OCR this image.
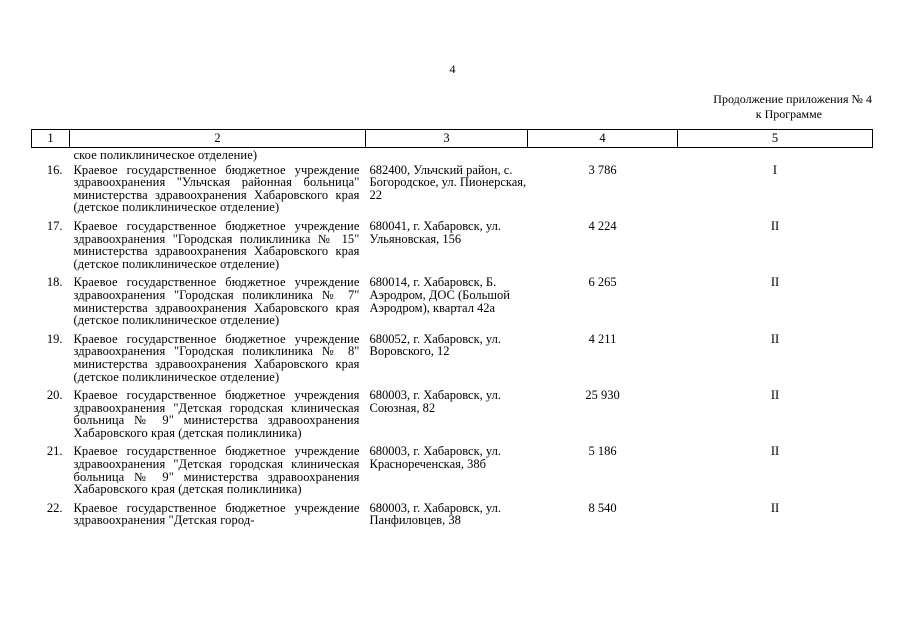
4
Продолжение приложения № 4

к Программе
1	2	3	4	5
	ское поликлиническое отделение)			
16.	Краевое государственное бюджетное учреждение здравоохранения "Ульчская районная больница" министерства здравоохранения Хабаровского края (детское поликлиническое отделение)	682400, Ульчский район, с. Богородское, ул. Пионерская, 22	3 786	I
17.	Краевое государственное бюджетное учреждение здравоохранения "Городская поликлиника № 15" министерства здравоохранения Хабаровского края (детское поликлиническое отделение)	680041, г. Хабаровск, ул. Ульяновская, 156	4 224	II
18.	Краевое государственное бюджетное учреждение здравоохранения "Городская поликлиника № 7" министерства здравоохранения Хабаровского края (детское поликлиническое отделение)	680014, г. Хабаровск, Б. Аэродром, ДОС (Большой Аэродром), квартал 42а	6 265	II
19.	Краевое государственное бюджетное учреждение здравоохранения "Городская поликлиника № 8" министерства здравоохранения Хабаровского края (детское поликлиническое отделение)	680052, г. Хабаровск, ул. Воровского, 12	4 211	II
20.	Краевое государственное бюджетное учреждения здравоохранения "Детская городская клиническая больница № 9" министерства здравоохранения Хабаровского края (детская поликлиника)	680003, г. Хабаровск, ул. Союзная, 82	25 930	II
21.	Краевое государственное бюджетное учреждение здравоохранения "Детская городская клиническая больница № 9" министерства здравоохранения Хабаровского края (детская поликлиника)	680003, г. Хабаровск, ул. Краснореченская, 38б	5 186	II
22.	Краевое государственное бюджетное учреждение здравоохранения "Детская город-	680003, г. Хабаровск, ул. Панфиловцев, 38	8 540	II
